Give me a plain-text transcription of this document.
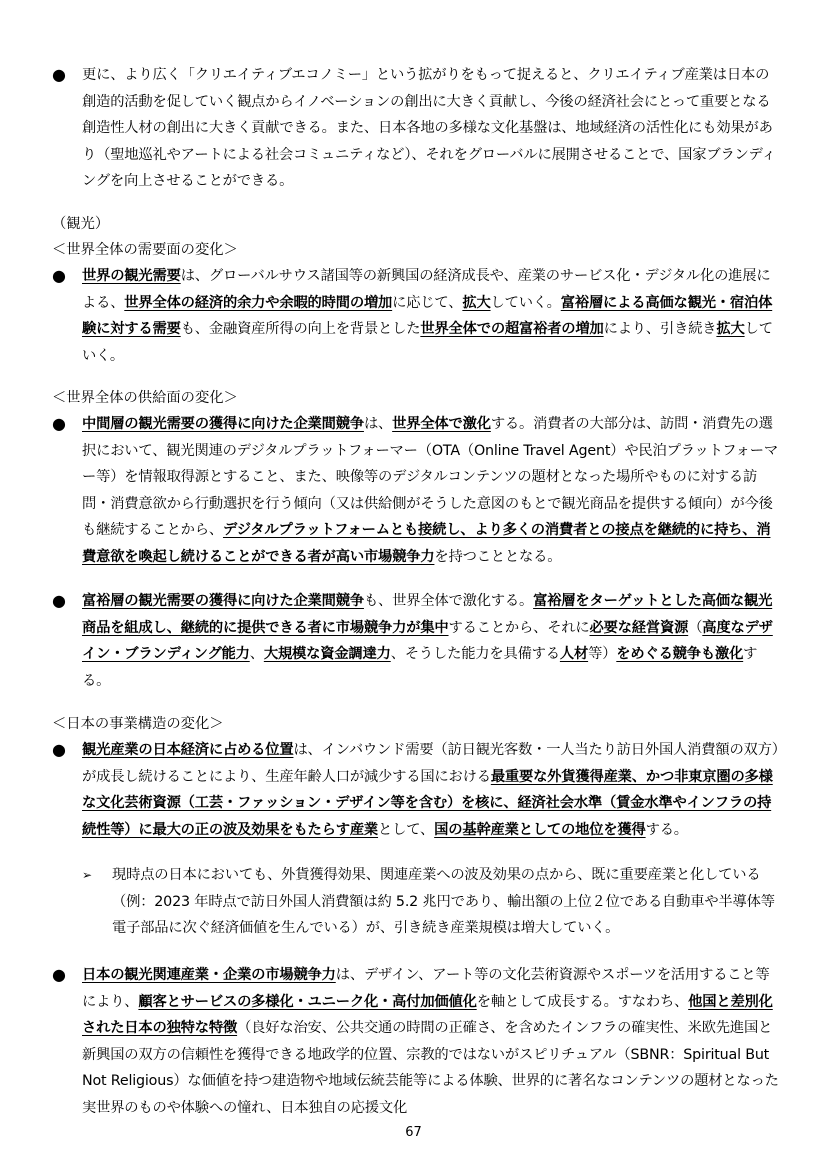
● 更に、より広く「クリエイティブエコノミー」という拡がりをもって捉えると、クリエイティブ産業は日本の創造的活動を促していく観点からイノベーションの創出に大きく貢献し、今後の経済社会にとって重要となる創造性人材の創出に大きく貢献できる。また、日本各地の多様な文化基盤は、地域経済の活性化にも効果があり（聖地巡礼やアートによる社会コミュニティなど）、それをグローバルに展開させることで、国家ブランディングを向上させることができる。
（観光）
＜世界全体の需要面の変化＞
● 世界の観光需要は、グローバルサウス諸国等の新興国の経済成長や、産業のサービス化・デジタル化の進展による、世界全体の経済的余力や余暇的時間の増加に応じて、拡大していく。富裕層による高価な観光・宿泊体験に対する需要も、金融資産所得の向上を背景とした世界全体での超富裕者の増加により、引き続き拡大していく。
＜世界全体の供給面の変化＞
● 中間層の観光需要の獲得に向けた企業間競争は、世界全体で激化する。消費者の大部分は、訪問・消費先の選択において、観光関連のデジタルプラットフォーマー（OTA（Online Travel Agent）や民泊プラットフォーマー等）を情報取得源とすること、また、映像等のデジタルコンテンツの題材となった場所やものに対する訪問・消費意欲から行動選択を行う傾向（又は供給側がそうした意図のもとで観光商品を提供する傾向）が今後も継続することから、デジタルプラットフォームとも接続し、より多くの消費者との接点を継続的に持ち、消費意欲を喚起し続けることができる者が高い市場競争力を持つこととなる。
● 富裕層の観光需要の獲得に向けた企業間競争も、世界全体で激化する。富裕層をターゲットとした高価な観光商品を組成し、継続的に提供できる者に市場競争力が集中することから、それに必要な経営資源（高度なデザイン・ブランディング能力、大規模な資金調達力、そうした能力を具備する人材等）をめぐる競争も激化する。
＜日本の事業構造の変化＞
● 観光産業の日本経済に占める位置は、インバウンド需要（訪日観光客数・一人当たり訪日外国人消費額の双方）が成長し続けることにより、生産年齢人口が減少する国における最重要な外貨獲得産業、かつ非東京圏の多様な文化芸術資源（工芸・ファッション・デザイン等を含む）を核に、経済社会水準（賃金水準やインフラの持続性等）に最大の正の波及効果をもたらす産業として、国の基幹産業としての地位を獲得する。
➢ 現時点の日本においても、外貨獲得効果、関連産業への波及効果の点から、既に重要産業と化している（例：2023 年時点で訪日外国人消費額は約 5.2 兆円であり、輸出額の上位２位である自動車や半導体等電子部品に次ぐ経済価値を生んでいる）が、引き続き産業規模は増大していく。
● 日本の観光関連産業・企業の市場競争力は、デザイン、アート等の文化芸術資源やスポーツを活用すること等により、顧客とサービスの多様化・ユニーク化・高付加価値化を軸として成長する。すなわち、他国と差別化された日本の独特な特徴（良好な治安、公共交通の時間の正確さ、を含めたインフラの確実性、米欧先進国と新興国の双方の信頼性を獲得できる地政学的位置、宗教的ではないがスピリチュアル（SBNR：Spiritual But Not Religious）な価値を持つ建造物や地域伝統芸能等による体験、世界的に著名なコンテンツの題材となった実世界のものや体験への憧れ、日本独自の応援文化
67
